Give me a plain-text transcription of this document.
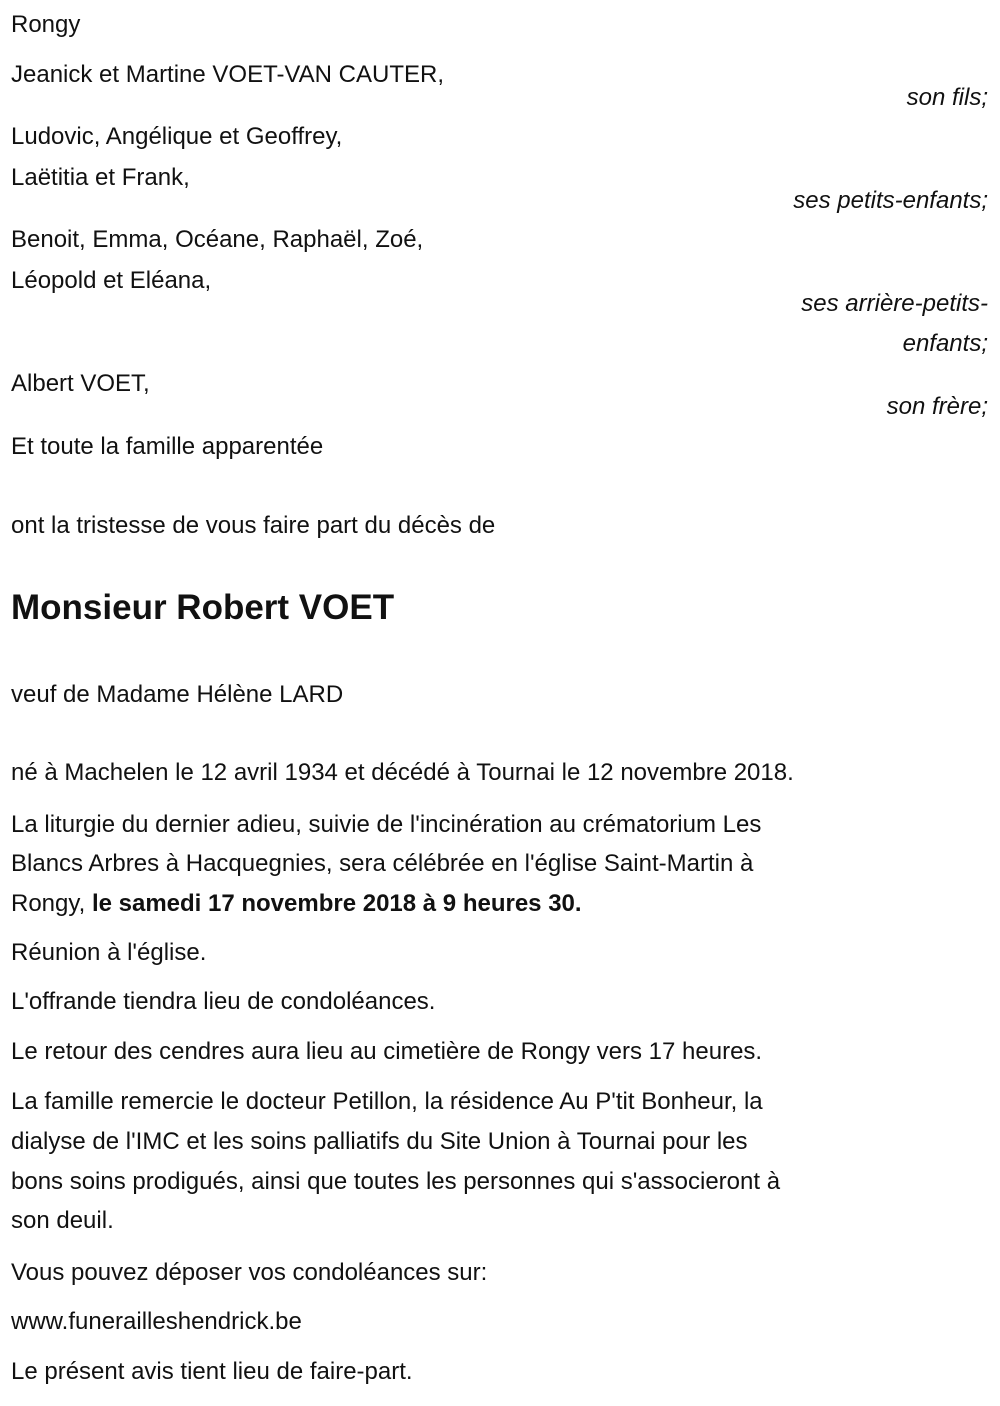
Rongy
Jeanick et Martine VOET-VAN CAUTER,
son fils;
Ludovic, Angélique et Geoffrey,
Laëtitia et Frank,
ses petits-enfants;
Benoit, Emma, Océane, Raphaël, Zoé,
Léopold et Eléana,
ses arrière-petits-
enfants;
Albert VOET,
son frère;
Et toute la famille apparentée
ont la tristesse de vous faire part du décès de
Monsieur Robert VOET
veuf de Madame Hélène LARD
né à Machelen le 12 avril 1934 et décédé à Tournai le 12 novembre 2018.
La liturgie du dernier adieu, suivie de l'incinération au crématorium Les
Blancs Arbres à Hacquegnies, sera célébrée en l'église Saint-Martin à
Rongy, le samedi 17 novembre 2018 à 9 heures 30.
Réunion à l'église.
L'offrande tiendra lieu de condoléances.
Le retour des cendres aura lieu au cimetière de Rongy vers 17 heures.
La famille remercie le docteur Petillon, la résidence Au P'tit Bonheur, la
dialyse de l'IMC et les soins palliatifs du Site Union à Tournai pour les
bons soins prodigués, ainsi que toutes les personnes qui s'associeront à
son deuil.
Vous pouvez déposer vos condoléances sur:
www.funerailleshendrick.be
Le présent avis tient lieu de faire-part.
